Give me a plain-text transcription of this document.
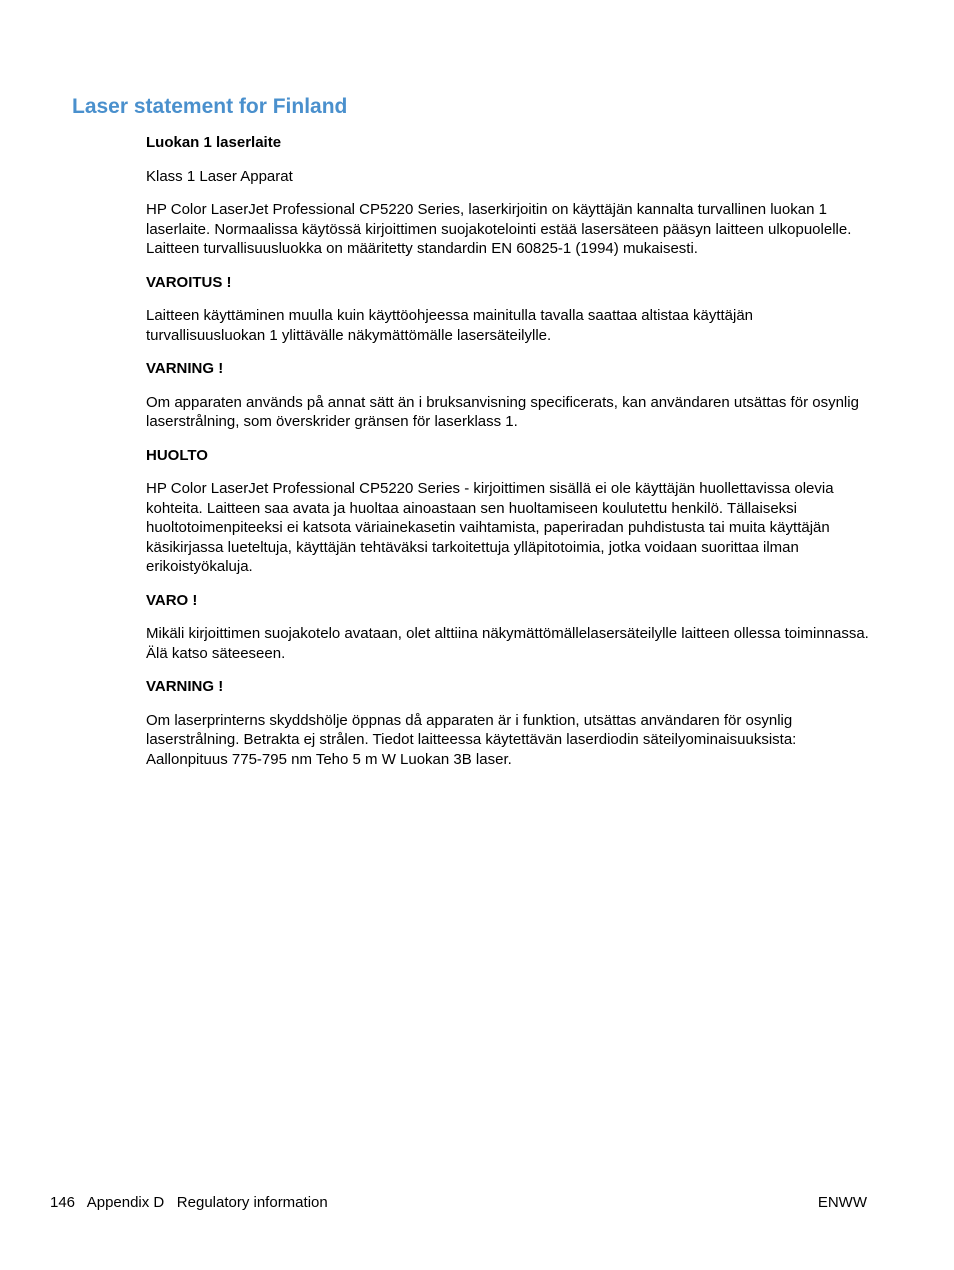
Laser statement for Finland

Luokan 1 laserlaite

Klass 1 Laser Apparat

HP Color LaserJet Professional CP5220 Series, laserkirjoitin on käyttäjän kannalta turvallinen luokan 1 laserlaite. Normaalissa käytössä kirjoittimen suojakotelointi estää lasersäteen pääsyn laitteen ulkopuolelle. Laitteen turvallisuusluokka on määritetty standardin EN 60825-1 (1994) mukaisesti.

VAROITUS !

Laitteen käyttäminen muulla kuin käyttöohjeessa mainitulla tavalla saattaa altistaa käyttäjän turvallisuusluokan 1 ylittävälle näkymättömälle lasersäteilylle.

VARNING !

Om apparaten används på annat sätt än i bruksanvisning specificerats, kan användaren utsättas för osynlig laserstrålning, som överskrider gränsen för laserklass 1.

HUOLTO

HP Color LaserJet Professional CP5220 Series - kirjoittimen sisällä ei ole käyttäjän huollettavissa olevia kohteita. Laitteen saa avata ja huoltaa ainoastaan sen huoltamiseen koulutettu henkilö. Tällaiseksi huoltotoimenpiteeksi ei katsota väriainekasetin vaihtamista, paperiradan puhdistusta tai muita käyttäjän käsikirjassa lueteltuja, käyttäjän tehtäväksi tarkoitettuja ylläpitotoimia, jotka voidaan suorittaa ilman erikoistyökaluja.

VARO !

Mikäli kirjoittimen suojakotelo avataan, olet alttiina näkymättömällelasersäteilylle laitteen ollessa toiminnassa. Älä katso säteeseen.

VARNING !

Om laserprinterns skyddshölje öppnas då apparaten är i funktion, utsättas användaren för osynlig laserstrålning. Betrakta ej strålen. Tiedot laitteessa käytettävän laserdiodin säteilyominaisuuksista: Aallonpituus 775-795 nm Teho 5 m W Luokan 3B laser.

146 Appendix D Regulatory information	ENWW
